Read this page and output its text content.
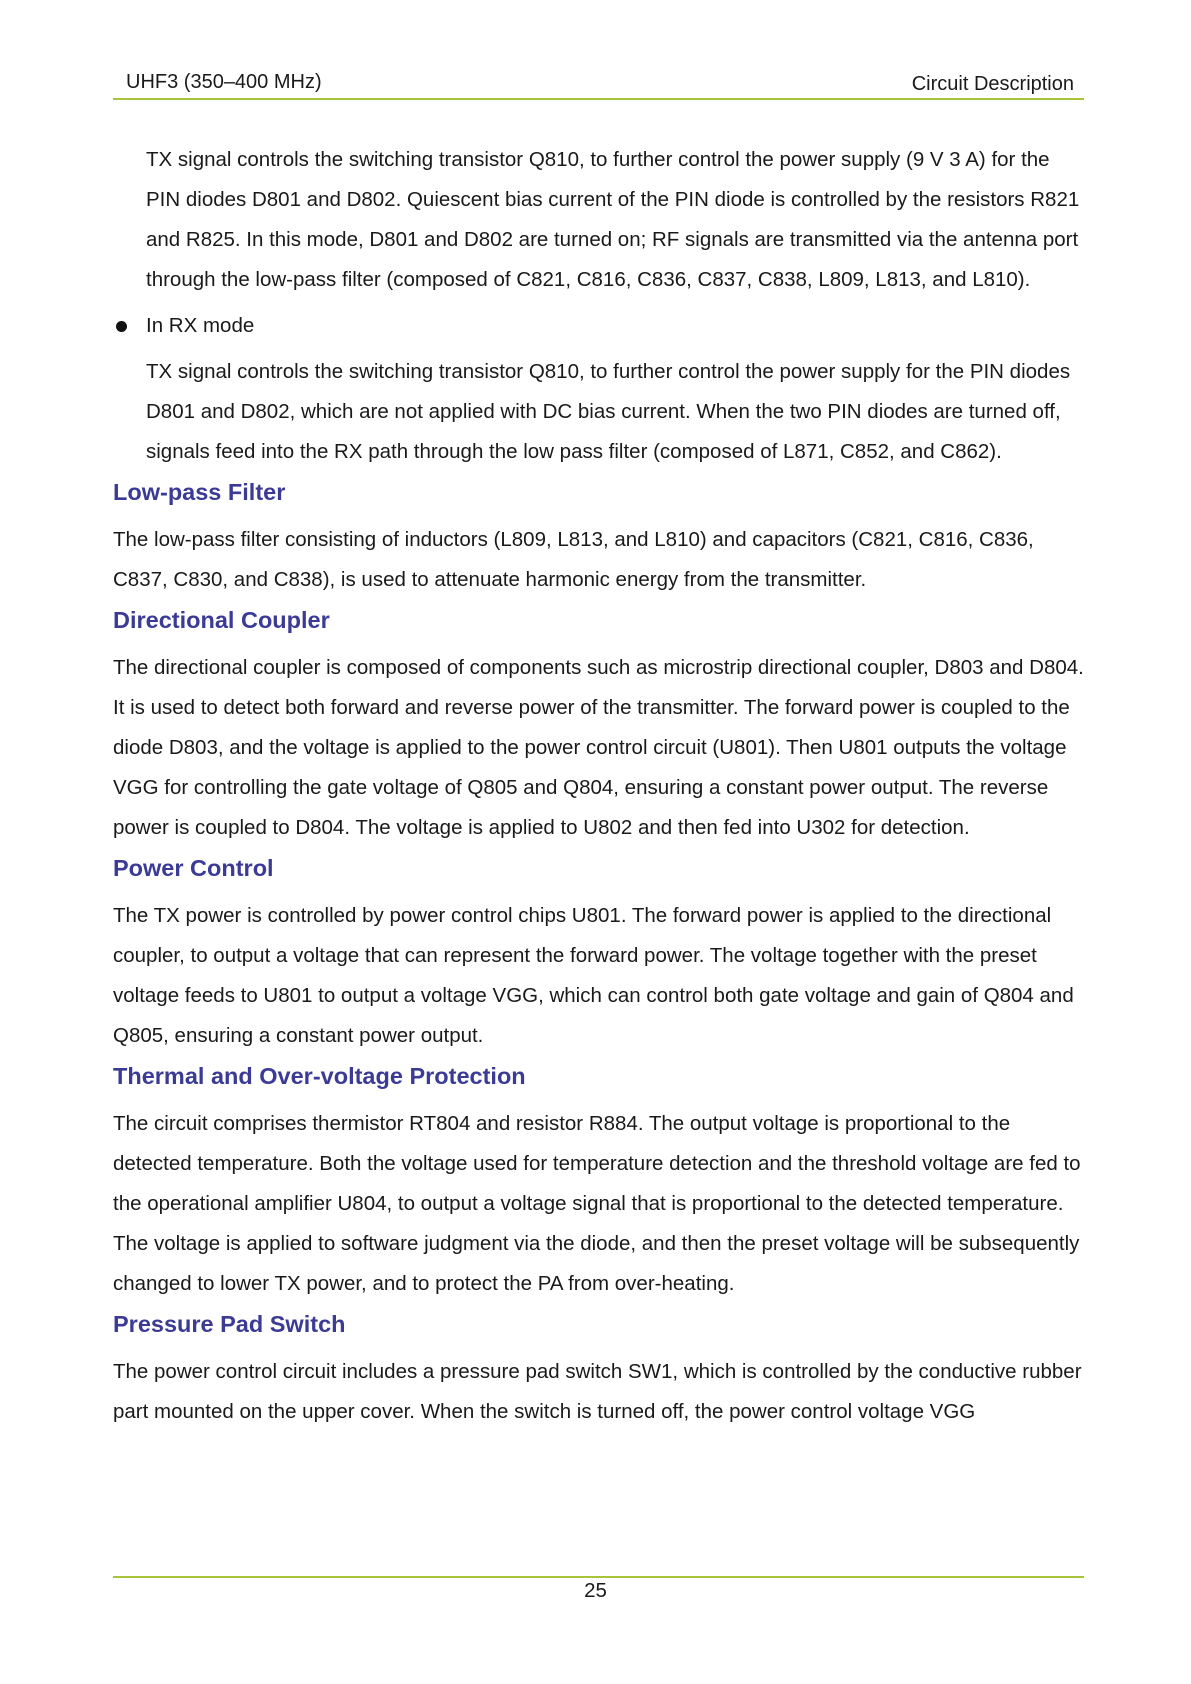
UHF3 (350–400 MHz)	Circuit Description

TX signal controls the switching transistor Q810, to further control the power supply (9 V 3 A) for the PIN diodes D801 and D802. Quiescent bias current of the PIN diode is controlled by the resistors R821 and R825. In this mode, D801 and D802 are turned on; RF signals are transmitted via the antenna port through the low-pass filter (composed of C821, C816, C836, C837, C838, L809, L813, and L810).

In RX mode

TX signal controls the switching transistor Q810, to further control the power supply for the PIN diodes D801 and D802, which are not applied with DC bias current. When the two PIN diodes are turned off, signals feed into the RX path through the low pass filter (composed of L871, C852, and C862).

Low-pass Filter

The low-pass filter consisting of inductors (L809, L813, and L810) and capacitors (C821, C816, C836, C837, C830, and C838), is used to attenuate harmonic energy from the transmitter.

Directional Coupler

The directional coupler is composed of components such as microstrip directional coupler, D803 and D804. It is used to detect both forward and reverse power of the transmitter. The forward power is coupled to the diode D803, and the voltage is applied to the power control circuit (U801). Then U801 outputs the voltage VGG for controlling the gate voltage of Q805 and Q804, ensuring a constant power output. The reverse power is coupled to D804. The voltage is applied to U802 and then fed into U302 for detection.

Power Control

The TX power is controlled by power control chips U801. The forward power is applied to the directional coupler, to output a voltage that can represent the forward power. The voltage together with the preset voltage feeds to U801 to output a voltage VGG, which can control both gate voltage and gain of Q804 and Q805, ensuring a constant power output.

Thermal and Over-voltage Protection

The circuit comprises thermistor RT804 and resistor R884. The output voltage is proportional to the detected temperature. Both the voltage used for temperature detection and the threshold voltage are fed to the operational amplifier U804, to output a voltage signal that is proportional to the detected temperature. The voltage is applied to software judgment via the diode, and then the preset voltage will be subsequently changed to lower TX power, and to protect the PA from over-heating.

Pressure Pad Switch

The power control circuit includes a pressure pad switch SW1, which is controlled by the conductive rubber part mounted on the upper cover. When the switch is turned off, the power control voltage VGG

25
